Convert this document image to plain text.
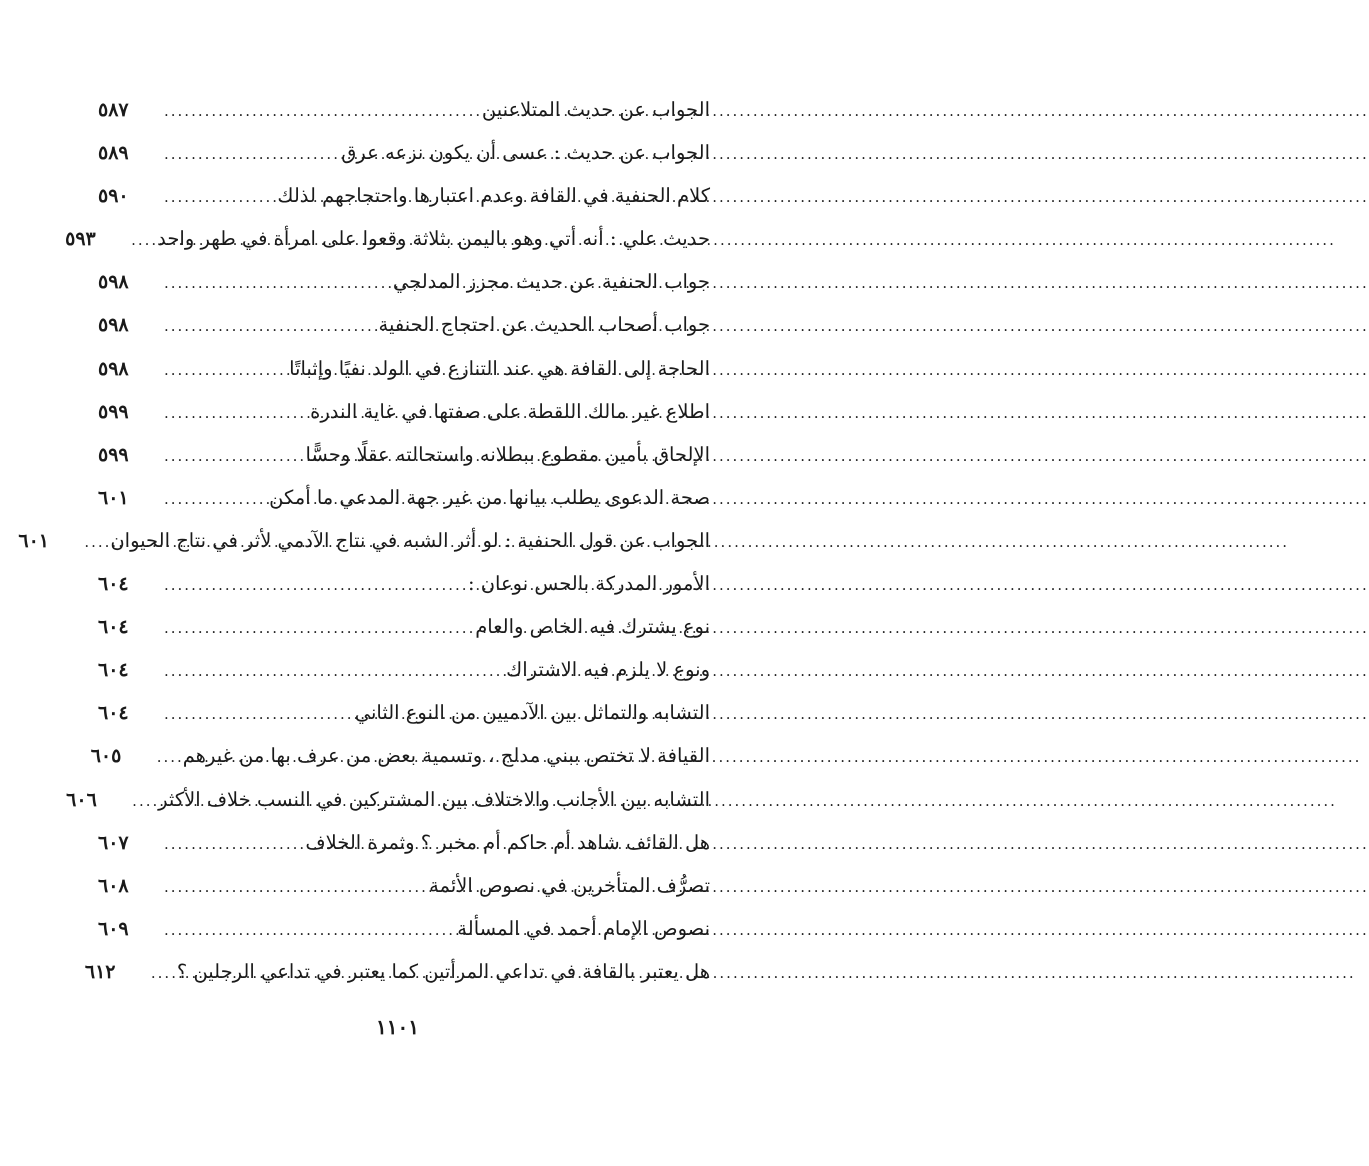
الجواب عن حديث المتلاعنين
.....
٥٨٧
الجواب عن حديث : عسى أن يكون نزعه عرق
.....
٥٨٩
كلام الحنفية في القافة وعدم اعتبارها واحتجاجهم لذلك
.....
٥٩٠
حديث علي : أنه أتي وهو باليمن بثلاثة وقعوا على امرأة في طهر واحد
.....
٥٩٣
جواب الحنفية عن حديث مجزز المدلجي
.....
٥٩٨
جواب أصحاب الحديث عن احتجاج الحنفية
.....
٥٩٨
الحاجة إلى القافة هي عند التنازع في الولد نفيًا وإثباتًا
.....
٥٩٨
اطلاع غير مالك اللقطة على صفتها في غاية الندرة
.....
٥٩٩
الإلحاق بأمين مقطوع ببطلانه واستحالته عقلًا وحسًّا
.....
٥٩٩
صحة الدعوى يطلب بيانها من غير جهة المدعي ما أمكن
.....
٦٠١
الجواب عن قول الحنفية : لو أثر الشبه في نتاج الآدمي لأثر في نتاج الحيوان
.....
٦٠١
الأمور المدركة بالحس نوعان :
.....
٦٠٤
نوع يشترك فيه الخاص والعام
.....
٦٠٤
ونوع لا يلزم فيه الاشتراك
.....
٦٠٤
التشابه والتماثل بين الآدميين من النوع الثاني
.....
٦٠٤
القيافة لا تختص ببني مدلج ، وتسمية بعض من عرف بها من غيرهم
.....
٦٠٥
التشابه بين الأجانب والاختلاف بين المشتركين في النسب خلاف الأكثر
.....
٦٠٦
هل القائف شاهد أم حاكم أم مخبر ؟ وثمرة الخلاف
.....
٦٠٧
تصرُّف المتأخرين في نصوص الأئمة
.....
٦٠٨
نصوص الإمام أحمد في المسألة
.....
٦٠٩
هل يعتبر بالقافة في تداعي المرأتين كما يعتبر في تداعي الرجلين ؟
.....
٦١٢
١١٠١
